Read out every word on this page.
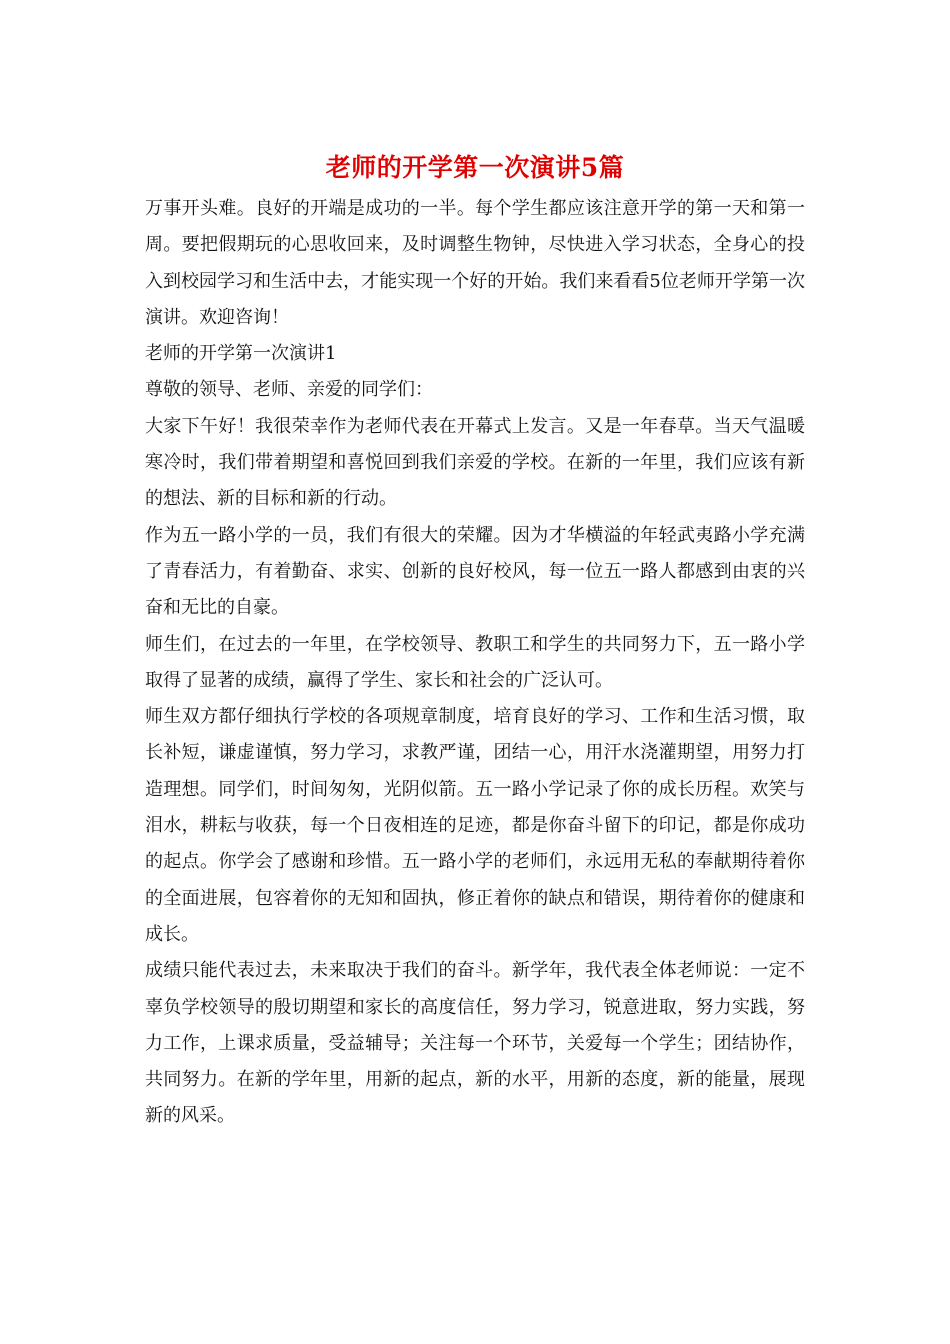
老师的开学第一次演讲5篇

万事开头难。良好的开端是成功的一半。每个学生都应该注意开学的第一天和第一周。要把假期玩的心思收回来，及时调整生物钟，尽快进入学习状态，全身心的投入到校园学习和生活中去，才能实现一个好的开始。我们来看看5位老师开学第一次演讲。欢迎咨询！

老师的开学第一次演讲1

尊敬的领导、老师、亲爱的同学们：

大家下午好！我很荣幸作为老师代表在开幕式上发言。又是一年春草。当天气温暖寒冷时，我们带着期望和喜悦回到我们亲爱的学校。在新的一年里，我们应该有新的想法、新的目标和新的行动。

作为五一路小学的一员，我们有很大的荣耀。因为才华横溢的年轻武夷路小学充满了青春活力，有着勤奋、求实、创新的良好校风，每一位五一路人都感到由衷的兴奋和无比的自豪。

师生们，在过去的一年里，在学校领导、教职工和学生的共同努力下，五一路小学取得了显著的成绩，赢得了学生、家长和社会的广泛认可。

师生双方都仔细执行学校的各项规章制度，培育良好的学习、工作和生活习惯，取长补短，谦虚谨慎，努力学习，求教严谨，团结一心，用汗水浇灌期望，用努力打造理想。同学们，时间匆匆，光阴似箭。五一路小学记录了你的成长历程。欢笑与泪水，耕耘与收获，每一个日夜相连的足迹，都是你奋斗留下的印记，都是你成功的起点。你学会了感谢和珍惜。五一路小学的老师们，永远用无私的奉献期待着你的全面进展，包容着你的无知和固执，修正着你的缺点和错误，期待着你的健康和成长。

成绩只能代表过去，未来取决于我们的奋斗。新学年，我代表全体老师说：一定不辜负学校领导的殷切期望和家长的高度信任，努力学习，锐意进取，努力实践，努力工作，上课求质量，受益辅导；关注每一个环节，关爱每一个学生；团结协作，共同努力。在新的学年里，用新的起点，新的水平，用新的态度，新的能量，展现新的风采。
